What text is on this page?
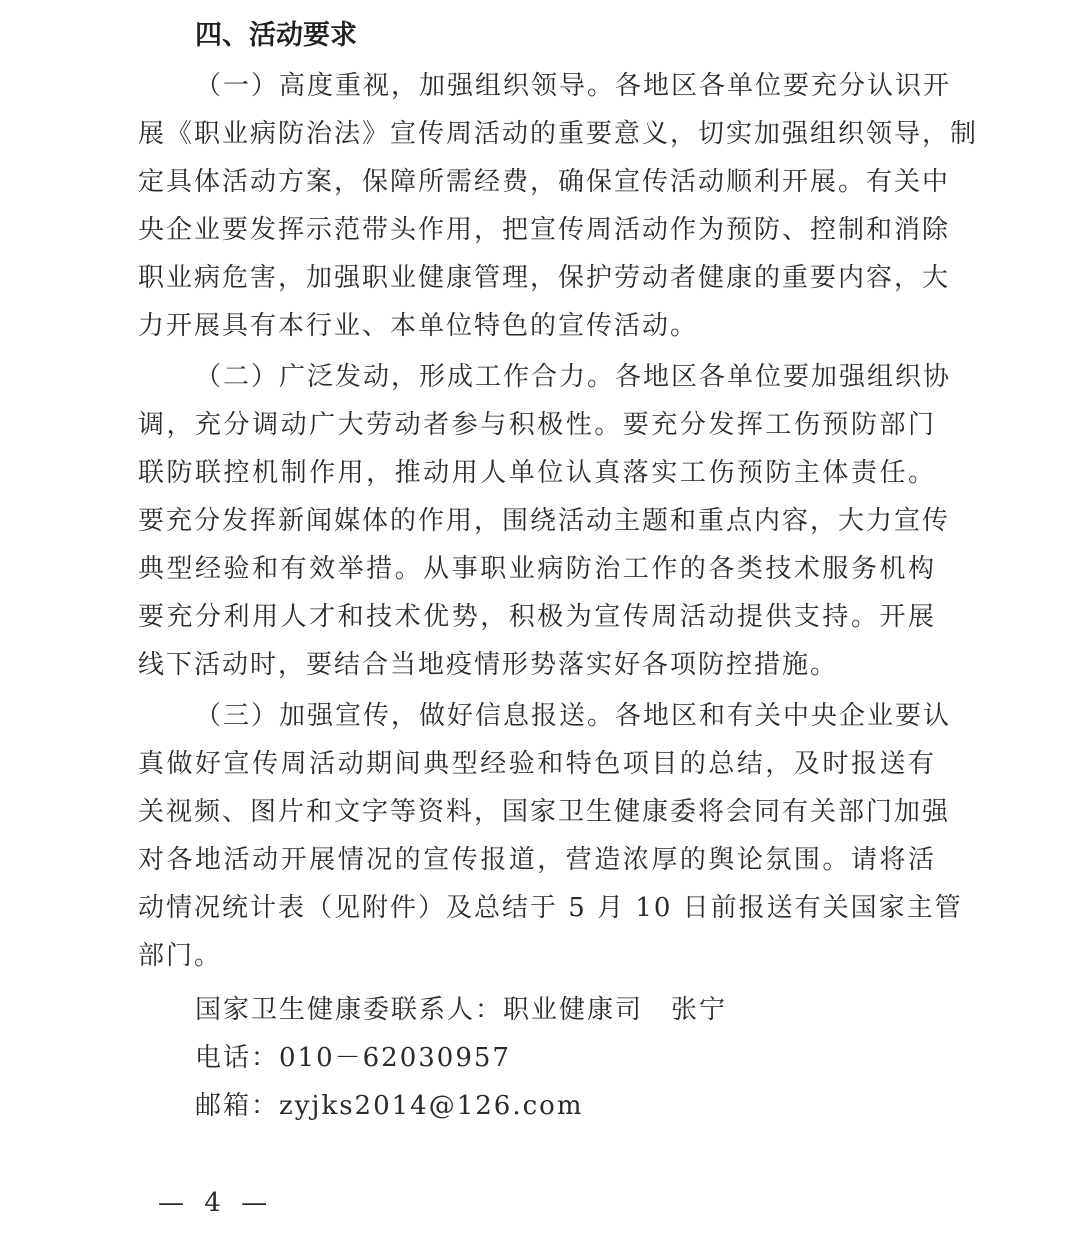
四、活动要求
（一）高度重视，加强组织领导。各地区各单位要充分认识开
展《职业病防治法》宣传周活动的重要意义，切实加强组织领导，制
定具体活动方案，保障所需经费，确保宣传活动顺利开展。有关中
央企业要发挥示范带头作用，把宣传周活动作为预防、控制和消除
职业病危害，加强职业健康管理，保护劳动者健康的重要内容，大
力开展具有本行业、本单位特色的宣传活动。
（二）广泛发动，形成工作合力。各地区各单位要加强组织协
调，充分调动广大劳动者参与积极性。要充分发挥工伤预防部门
联防联控机制作用，推动用人单位认真落实工伤预防主体责任。
要充分发挥新闻媒体的作用，围绕活动主题和重点内容，大力宣传
典型经验和有效举措。从事职业病防治工作的各类技术服务机构
要充分利用人才和技术优势，积极为宣传周活动提供支持。开展
线下活动时，要结合当地疫情形势落实好各项防控措施。
（三）加强宣传，做好信息报送。各地区和有关中央企业要认
真做好宣传周活动期间典型经验和特色项目的总结，及时报送有
关视频、图片和文字等资料，国家卫生健康委将会同有关部门加强
对各地活动开展情况的宣传报道，营造浓厚的舆论氛围。请将活
动情况统计表（见附件）及总结于 5 月 10 日前报送有关国家主管
部门。
国家卫生健康委联系人：职业健康司　张宁
电话：010－62030957
邮箱：zyjks2014@126.com
— 4 —
